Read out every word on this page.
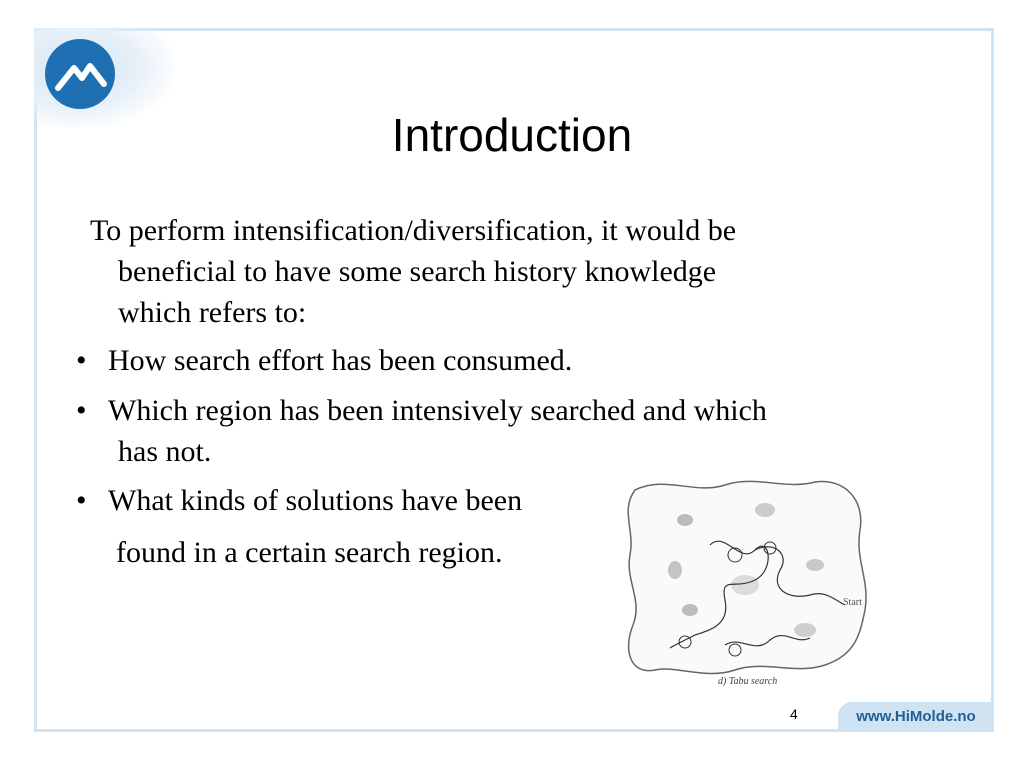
Introduction
To perform intensification/diversification, it would be
beneficial to have some search history knowledge
which refers to:
• How search effort has been consumed.
• Which region has been intensively searched and which
has not.
• What kinds of solutions have been
found in a certain search region.
Start
d) Tabu search
4	www.HiMolde.no
